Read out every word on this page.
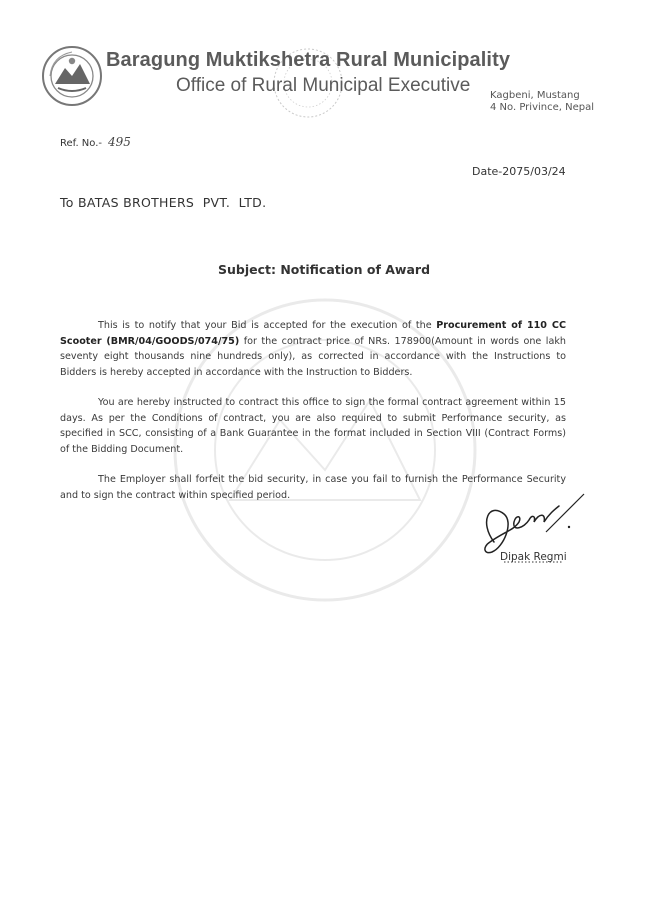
Baragung Muktikshetra Rural Municipality
Office of Rural Municipal Executive Kagbeni, Mustang
4 No. Privince, Nepal
Ref. No.- 495
Date-2075/03/24
To BATAS BROTHERS  PVT.  LTD.
Subject: Notification of Award

This is to notify that your Bid is accepted for the execution of the Procurement of 110 CC Scooter (BMR/04/GOODS/074/75) for the contract price of NRs. 178900(Amount in words one lakh seventy eight thousands nine hundreds only), as corrected in accordance with the Instructions to Bidders is hereby accepted in accordance with the Instruction to Bidders.

You are hereby instructed to contract this office to sign the formal contract agreement within 15 days. As per the Conditions of contract, you are also required to submit Performance security, as specified in SCC, consisting of a Bank Guarantee in the format included in Section VIII (Contract Forms) of the Bidding Document.

The Employer shall forfeit the bid security, in case you fail to furnish the Performance Security and to sign the contract within specified period.

Dipak Regmi
